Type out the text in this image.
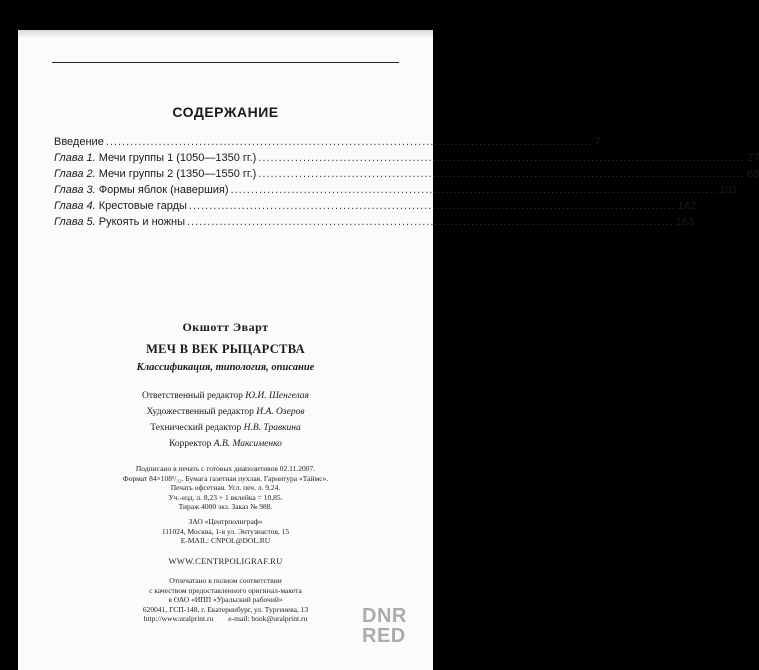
СОДЕРЖАНИЕ
Введение ........................................................................................................................ 7
Глава 1. Мечи группы 1 (1050—1350 гг.) ........................................................................................................................ 27
Глава 2. Мечи группы 2 (1350—1550 гг.) ........................................................................................................................ 68
Глава 3. Формы яблок (навершия) ........................................................................................................................ 101
Глава 4. Крестовые гарды ........................................................................................................................ 142
Глава 5. Рукоять и ножны ........................................................................................................................ 163
Окшотт Эварт
МЕЧ В ВЕК РЫЦАРСТВА
Классификация, типология, описание
Ответственный редактор Ю.И. Шенгелая
Художественный редактор И.А. Озеров
Технический редактор Н.В. Травкина
Корректор А.В. Максименко
Подписано в печать с готовых диапозитивов 02.11.2007.
Формат 84×108¹/₃₂. Бумага газетная пухлая. Гарнитура «Таймс».
Печать офсетная. Усл. печ. л. 9,24.
Уч.-изд. л. 8,23 + 1 вклейка = 10,85.
Тираж 4000 экз. Заказ № 988.
ЗАО «Центрполиграф»
111024, Москва, 1-я ул. Энтузиастов, 15
E-MAIL: CNPOL@DOL.RU
WWW.CENTRPOLIGRAF.RU
Отпечатано в полном соответствии
с качеством предоставленного оригинал-макета
в ОАО «ИПП «Уральский рабочий»
620041, ГСП-148, г. Екатеринбург, ул. Тургенева, 13
http://www.uralprint.ru        e-mail: book@uralprint.ru	DNR
RED
